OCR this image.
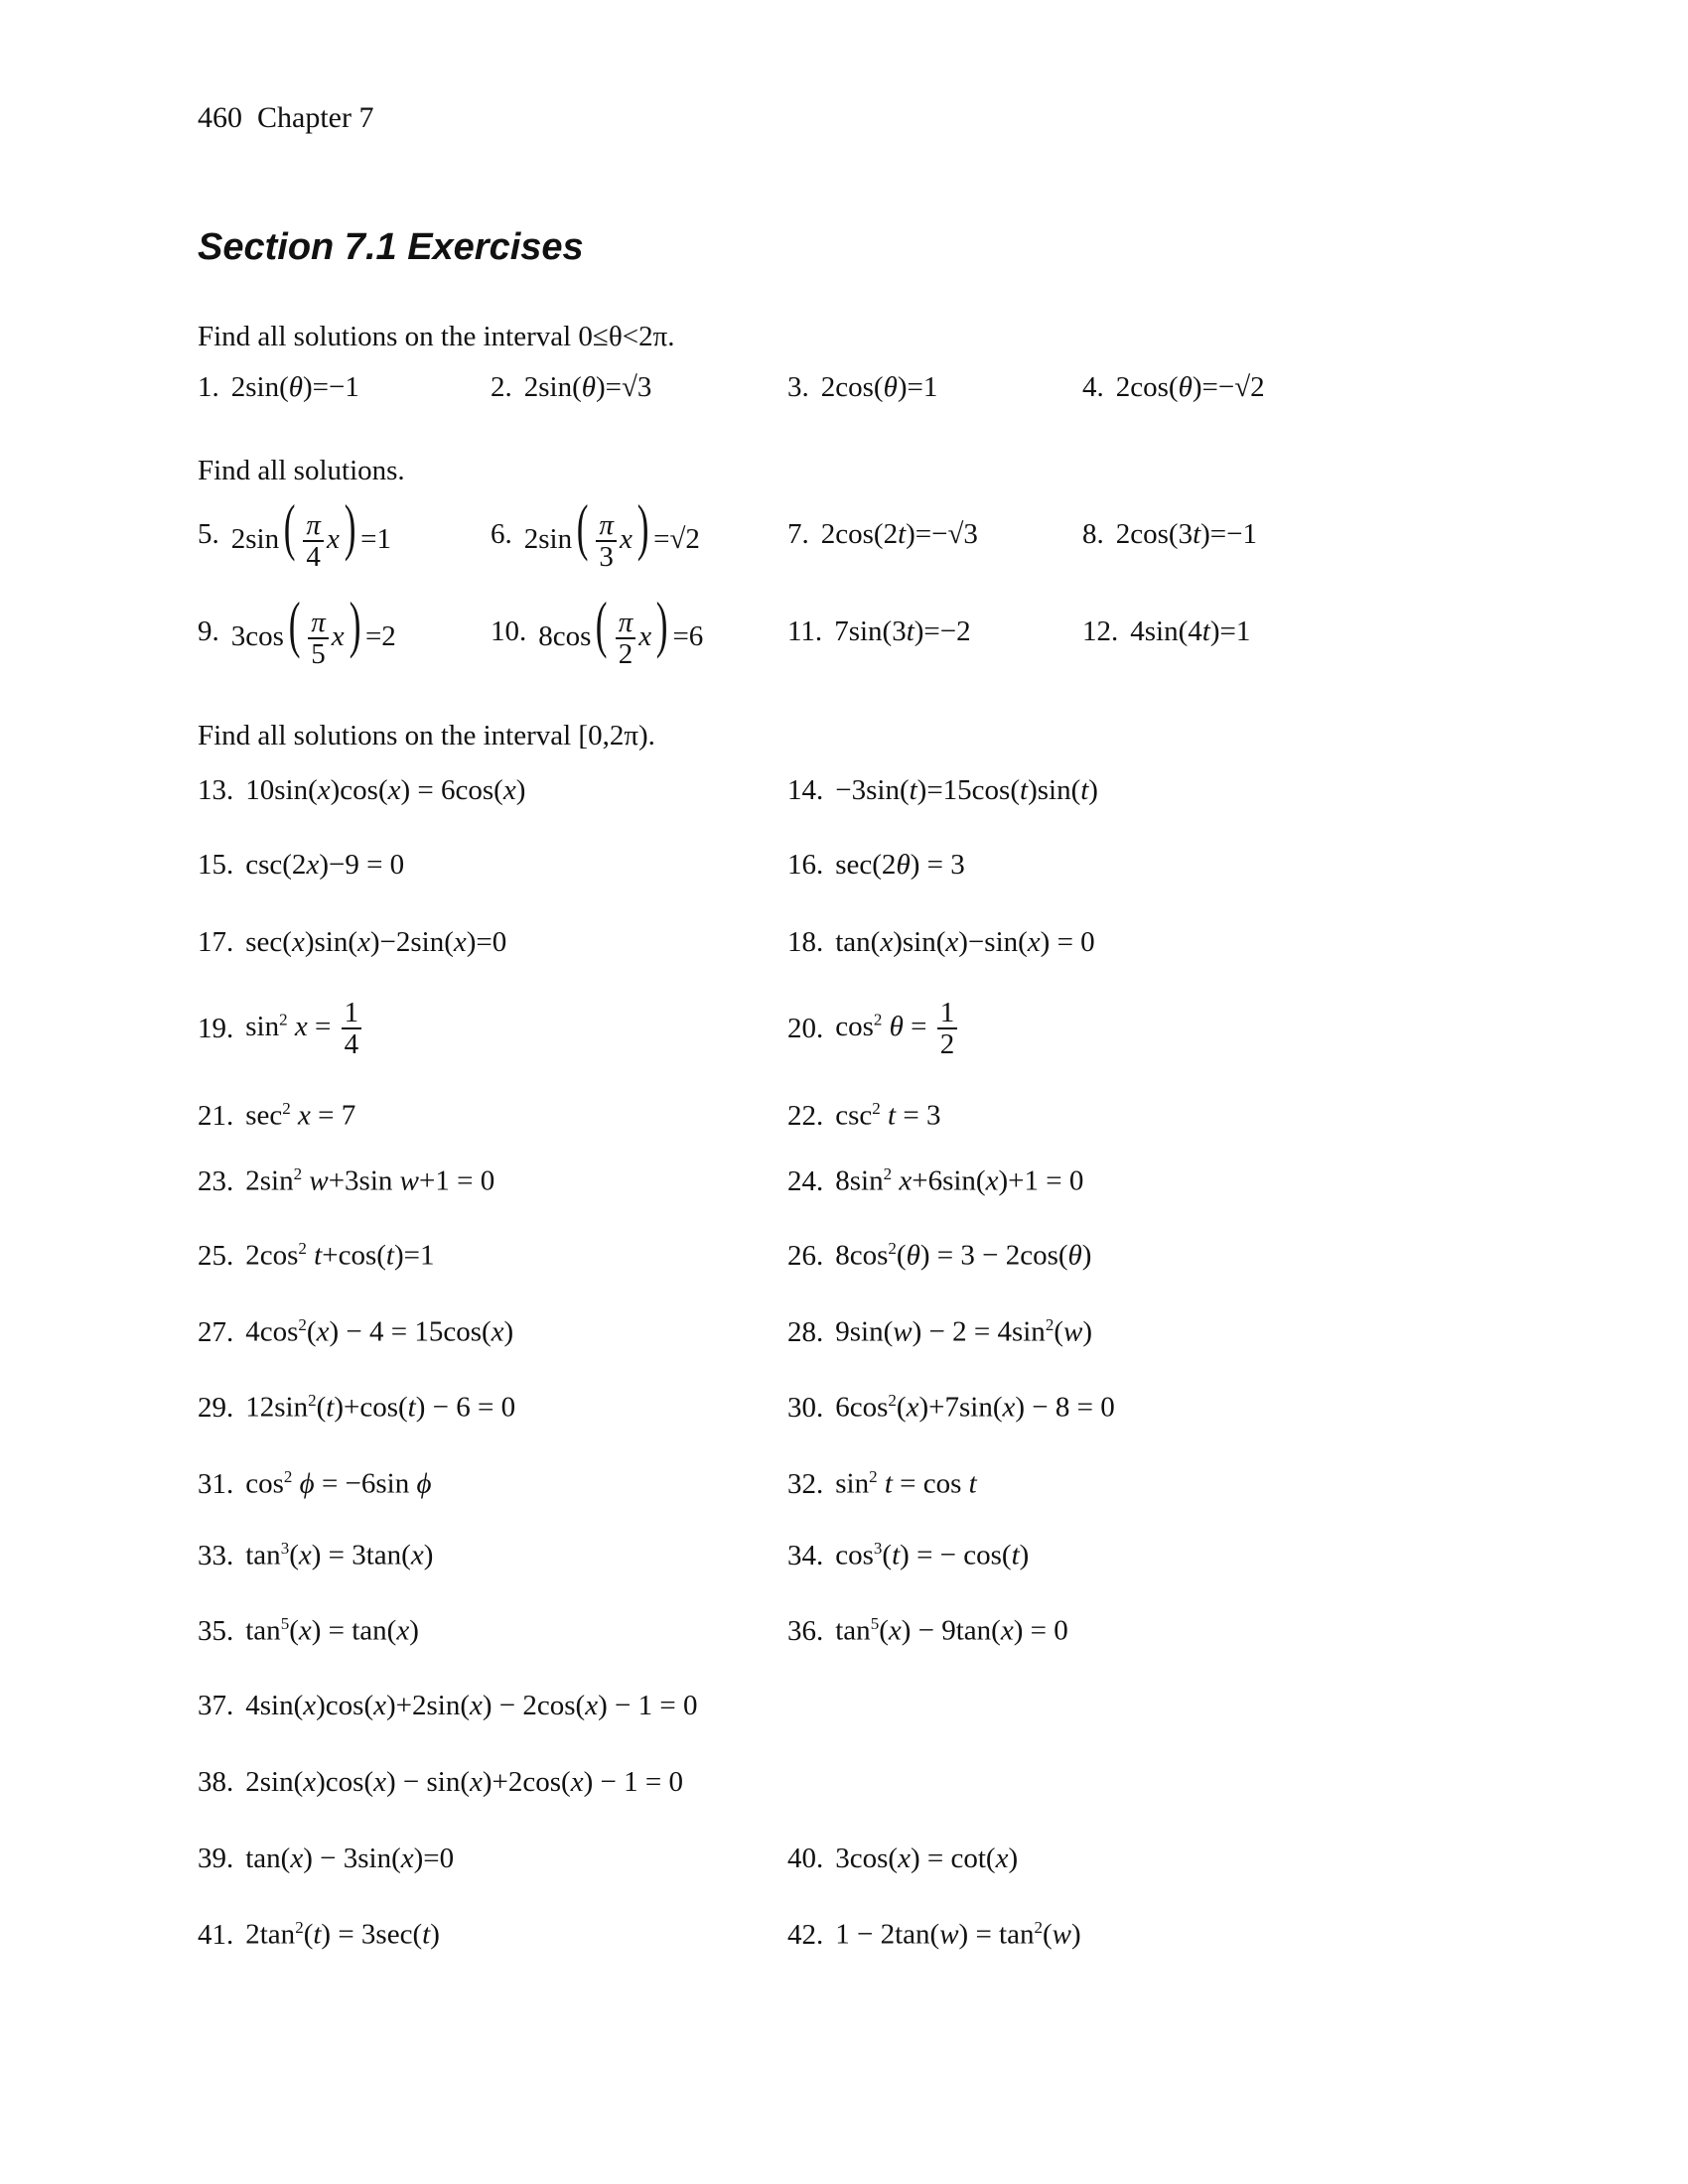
460 Chapter 7
Section 7.1 Exercises
Find all solutions on the interval 0≤θ<2π.
Find all solutions.
Find all solutions on the interval [0,2π).
1. 2sin(θ)=−1	2. 2sin(θ)=√3	3. 2cos(θ)=1	4. 2cos(θ)=−√2
5. $2\sin( \frac{\pi}{4} x) =1$	6. $2\sin( \frac{\pi}{3} x) =√2$	7. 2cos(2t)=−√3	8. 2cos(3t)=−1
9. $3\cos( \frac{\pi}{5} x) =2$	10. $8\cos( \frac{\pi}{2} x) =6$	11. 7sin(3t)=−2	12. 4sin(4t)=1
13. 10sin(x)cos(x) = 6cos(x)	14. −3sin(t)=15cos(t)sin(t)
15. csc(2x)−9 = 0	16. sec(2θ) = 3
17. sec(x)sin(x)−2sin(x)=0	18. tan(x)sin(x)−sin(x) = 0
19. $\sin^2 x = \frac{1}{4}$	20. $\cos^2 \theta = \frac{1}{2}$
21. $\sec^2 x = 7$	22. $\csc^2 t = 3$
23. $2\sin^2$ w+3sin w+1 = 0	24. $8\sin^2$ x+6sin(x)+1 = 0
25. $2\cos^2$ t+cos(t)=1	26. $8\cos^2(\theta) = 3 - 2\cos(\theta)$
27. $4\cos^2(x) - 4 = 15\cos(x)$	28. $9\sin(w) - 2 = 4\sin^2(w)$
29. $12\sin^2(t)+\cos(t) - 6 = 0$	30. $6\cos^2(x)+7\sin(x) - 8 = 0$
31. $\cos^2 \phi = -6\sin$ ϕ	32. $\sin^2 t = \cos t$
33. $\tan^3(x) = 3\tan(x)$	34. $\cos^3(t)$ = − cos(t)
35. $\tan^5(x) = \tan(x)$	36. $\tan^5(x) - 9\tan(x) = 0$
37. 4sin(x)cos(x)+2sin(x) − 2cos(x) − 1 = 0
38. 2sin(x)cos(x) − sin(x)+2cos(x) − 1 = 0
39. tan(x) − 3sin(x)=0	40. 3cos(x) = cot(x)
41. $2\tan^2(t) = 3\sec(t)$	42. $1 - 2\tan(w) = \tan^2(w)$
